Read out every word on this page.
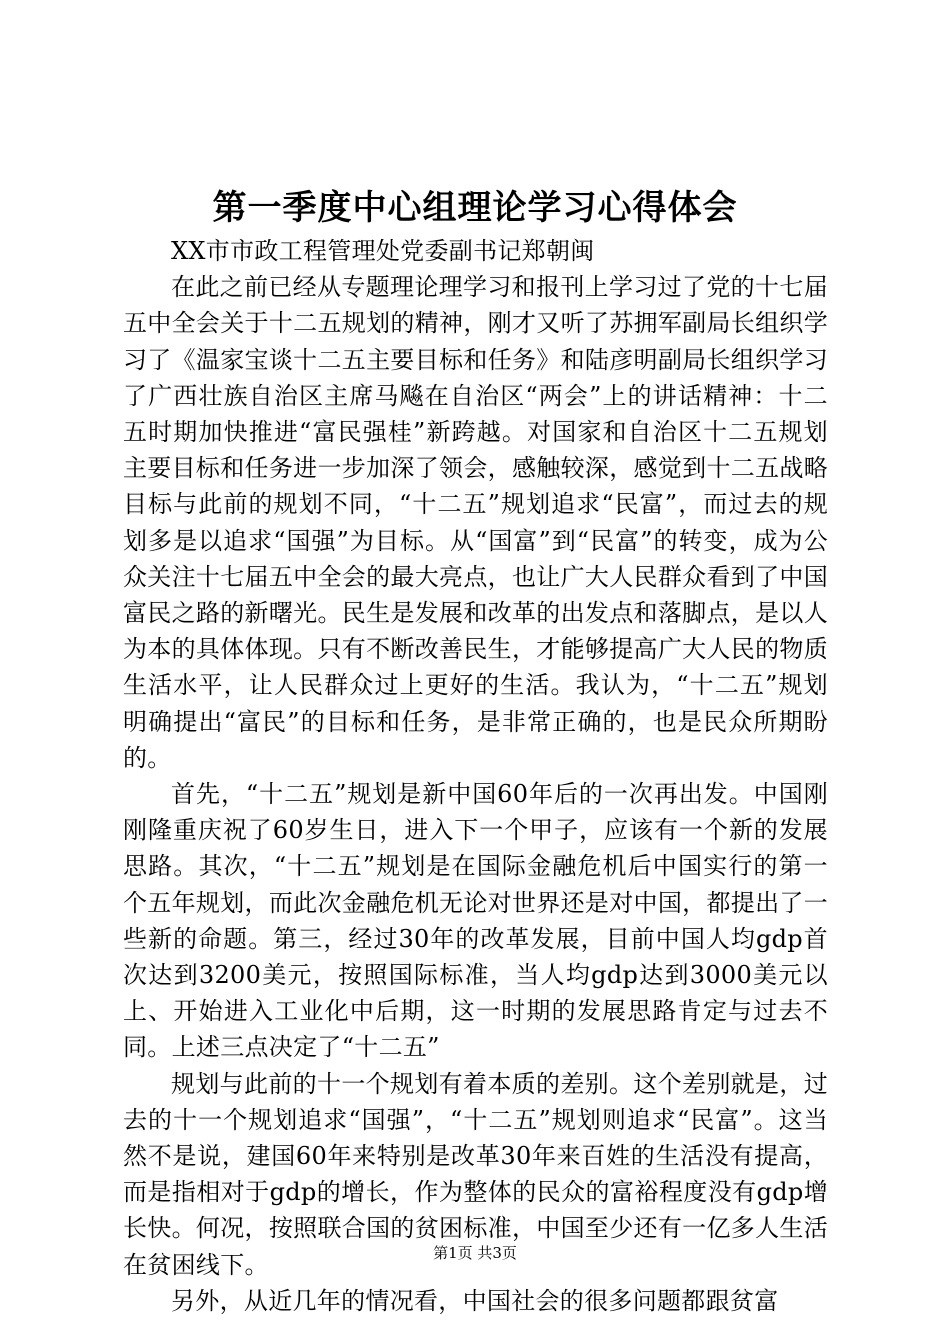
第一季度中心组理论学习心得体会

XX市市政工程管理处党委副书记郑朝闽

在此之前已经从专题理论理学习和报刊上学习过了党的十七届五中全会关于十二五规划的精神，刚才又听了苏拥军副局长组织学习了《温家宝谈十二五主要目标和任务》和陆彦明副局长组织学习了广西壮族自治区主席马飚在自治区“两会”上的讲话精神：十二五时期加快推进“富民强桂”新跨越。对国家和自治区十二五规划主要目标和任务进一步加深了领会，感触较深，感觉到十二五战略目标与此前的规划不同，“十二五”规划追求“民富”，而过去的规划多是以追求“国强”为目标。从“国富”到“民富”的转变，成为公众关注十七届五中全会的最大亮点，也让广大人民群众看到了中国富民之路的新曙光。民生是发展和改革的出发点和落脚点，是以人为本的具体体现。只有不断改善民生，才能够提高广大人民的物质生活水平，让人民群众过上更好的生活。我认为，“十二五”规划明确提出“富民”的目标和任务，是非常正确的，也是民众所期盼的。

首先，“十二五”规划是新中国60年后的一次再出发。中国刚刚隆重庆祝了60岁生日，进入下一个甲子，应该有一个新的发展思路。其次，“十二五”规划是在国际金融危机后中国实行的第一个五年规划，而此次金融危机无论对世界还是对中国，都提出了一些新的命题。第三，经过30年的改革发展，目前中国人均gdp首次达到3200美元，按照国际标准，当人均gdp达到3000美元以上、开始进入工业化中后期，这一时期的发展思路肯定与过去不同。上述三点决定了“十二五”

规划与此前的十一个规划有着本质的差别。这个差别就是，过去的十一个规划追求“国强”，“十二五”规划则追求“民富”。这当然不是说，建国60年来特别是改革30年来百姓的生活没有提高，而是指相对于gdp的增长，作为整体的民众的富裕程度没有gdp增长快。何况，按照联合国的贫困标准，中国至少还有一亿多人生活在贫困线下。

另外，从近几年的情况看，中国社会的很多问题都跟贫富

第1页 共3页
